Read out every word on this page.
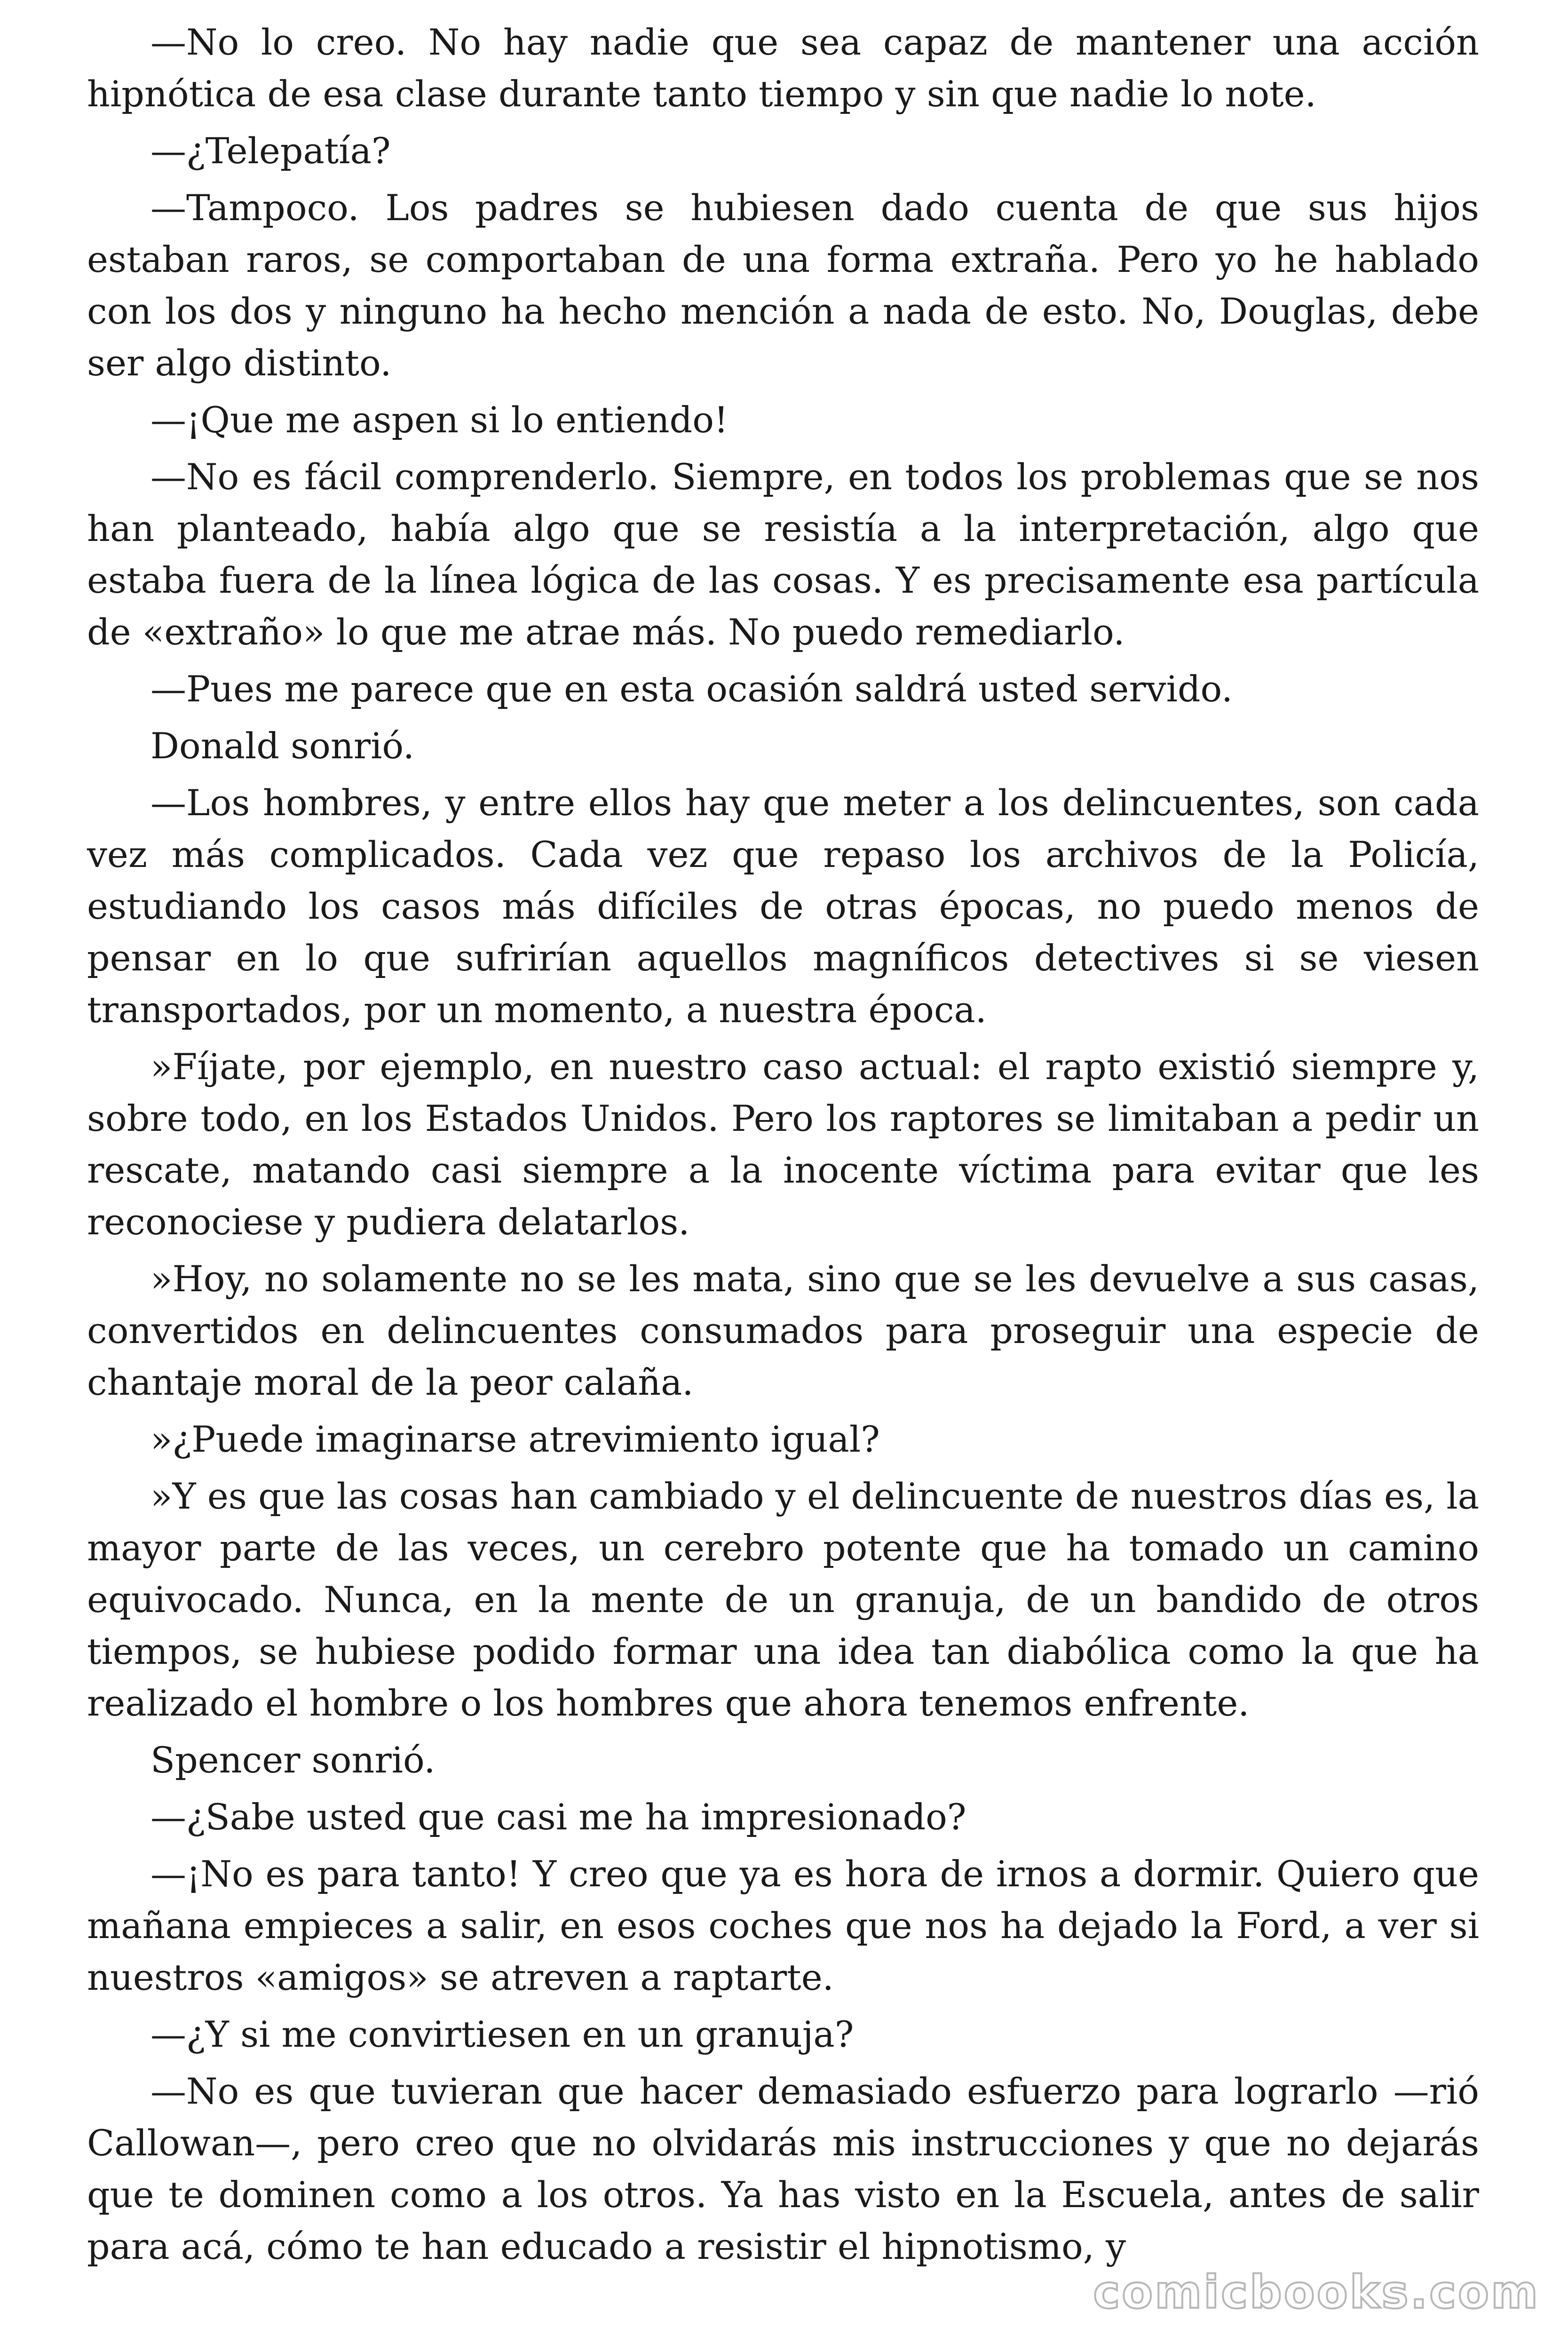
—No lo creo. No hay nadie que sea capaz de mantener una acción hipnótica de esa clase durante tanto tiempo y sin que nadie lo note.

—¿Telepatía?

—Tampoco. Los padres se hubiesen dado cuenta de que sus hijos estaban raros, se comportaban de una forma extraña. Pero yo he hablado con los dos y ninguno ha hecho mención a nada de esto. No, Douglas, debe ser algo distinto.

—¡Que me aspen si lo entiendo!

—No es fácil comprenderlo. Siempre, en todos los problemas que se nos han planteado, había algo que se resistía a la interpretación, algo que estaba fuera de la línea lógica de las cosas. Y es precisamente esa partícula de «extraño» lo que me atrae más. No puedo remediarlo.

—Pues me parece que en esta ocasión saldrá usted servido.

Donald sonrió.

—Los hombres, y entre ellos hay que meter a los delincuentes, son cada vez más complicados. Cada vez que repaso los archivos de la Policía, estudiando los casos más difíciles de otras épocas, no puedo menos de pensar en lo que sufrirían aquellos magníficos detectives si se viesen transportados, por un momento, a nuestra época.

»Fíjate, por ejemplo, en nuestro caso actual: el rapto existió siempre y, sobre todo, en los Estados Unidos. Pero los raptores se limitaban a pedir un rescate, matando casi siempre a la inocente víctima para evitar que les reconociese y pudiera delatarlos.

»Hoy, no solamente no se les mata, sino que se les devuelve a sus casas, convertidos en delincuentes consumados para proseguir una especie de chantaje moral de la peor calaña.

»¿Puede imaginarse atrevimiento igual?

»Y es que las cosas han cambiado y el delincuente de nuestros días es, la mayor parte de las veces, un cerebro potente que ha tomado un camino equivocado. Nunca, en la mente de un granuja, de un bandido de otros tiempos, se hubiese podido formar una idea tan diabólica como la que ha realizado el hombre o los hombres que ahora tenemos enfrente.

Spencer sonrió.

—¿Sabe usted que casi me ha impresionado?

—¡No es para tanto! Y creo que ya es hora de irnos a dormir. Quiero que mañana empieces a salir, en esos coches que nos ha dejado la Ford, a ver si nuestros «amigos» se atreven a raptarte.

—¿Y si me convirtiesen en un granuja?

—No es que tuvieran que hacer demasiado esfuerzo para lograrlo —rió Callowan—, pero creo que no olvidarás mis instrucciones y que no dejarás que te dominen como a los otros. Ya has visto en la Escuela, antes de salir para acá, cómo te han educado a resistir el hipnotismo, y

comicbooks.com
